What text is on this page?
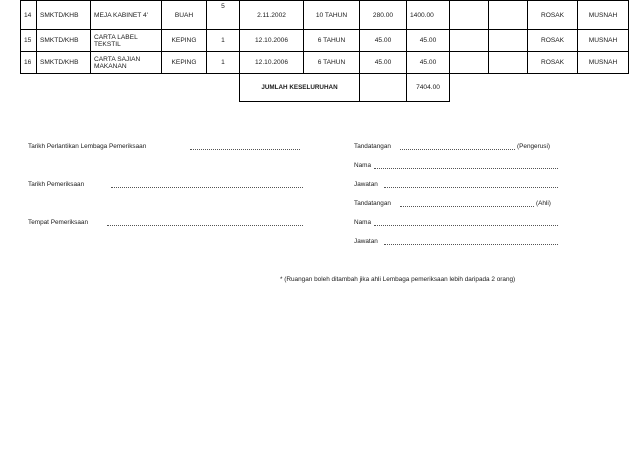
14	SMKTD/KHB	MEJA KABINET 4'	BUAH	5	2.11.2002	10 TAHUN	280.00	1400.00			ROSAK	MUSNAH
15	SMKTD/KHB	CARTA LABEL TEKSTIL	KEPING	1	12.10.2006	6 TAHUN	45.00	45.00			ROSAK	MUSNAH
16	SMKTD/KHB	CARTA SAJIAN MAKANAN	KEPING	1	12.10.2006	6 TAHUN	45.00	45.00			ROSAK	MUSNAH
					JUMLAH KESELURUHAN			7404.00				
Tarikh Perlantikan Lembaga Pemeriksaan
Tarikh Pemeriksaan
Tempat Pemeriksaan
Tandatangan	(Pengerusi)
Nama
Jawatan
Tandatangan	(Ahli)
Nama
Jawatan
* (Ruangan boleh ditambah jika ahli Lembaga pemeriksaan lebih daripada 2 orang)
